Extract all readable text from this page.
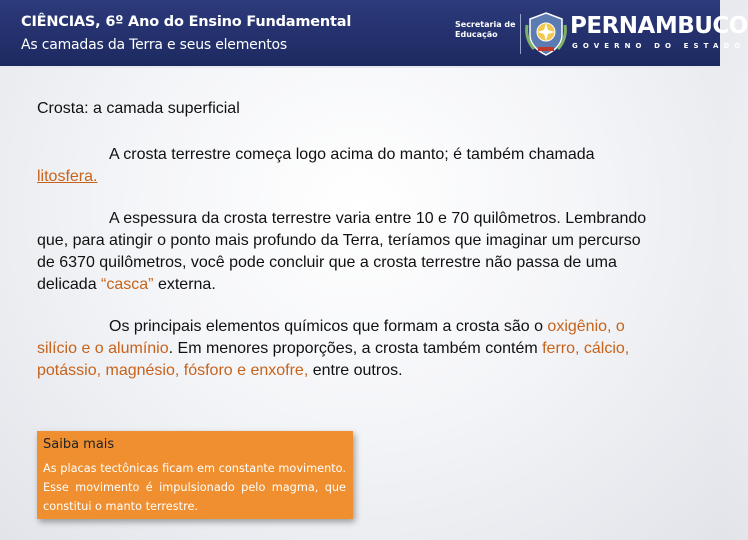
CIÊNCIAS, 6º Ano do Ensino Fundamental
As camadas da Terra e seus elementos
Secretaria de
Educação	PERNAMBUCO
GOVERNO DO ESTADO

Crosta: a camada superficial

A crosta terrestre começa logo acima do manto; é também chamada litosfera.

A espessura da crosta terrestre varia entre 10 e 70 quilômetros. Lembrando que, para atingir o ponto mais profundo da Terra, teríamos que imaginar um percurso de 6370 quilômetros, você pode concluir que a crosta terrestre não passa de uma delicada “casca” externa.

Os principais elementos químicos que formam a crosta são o oxigênio, o silício e o alumínio. Em menores proporções, a crosta também contém ferro, cálcio, potássio, magnésio, fósforo e enxofre, entre outros.

Saiba mais
As placas tectônicas ficam em constante movimento. Esse movimento é impulsionado pelo magma, que constitui o manto terrestre.
